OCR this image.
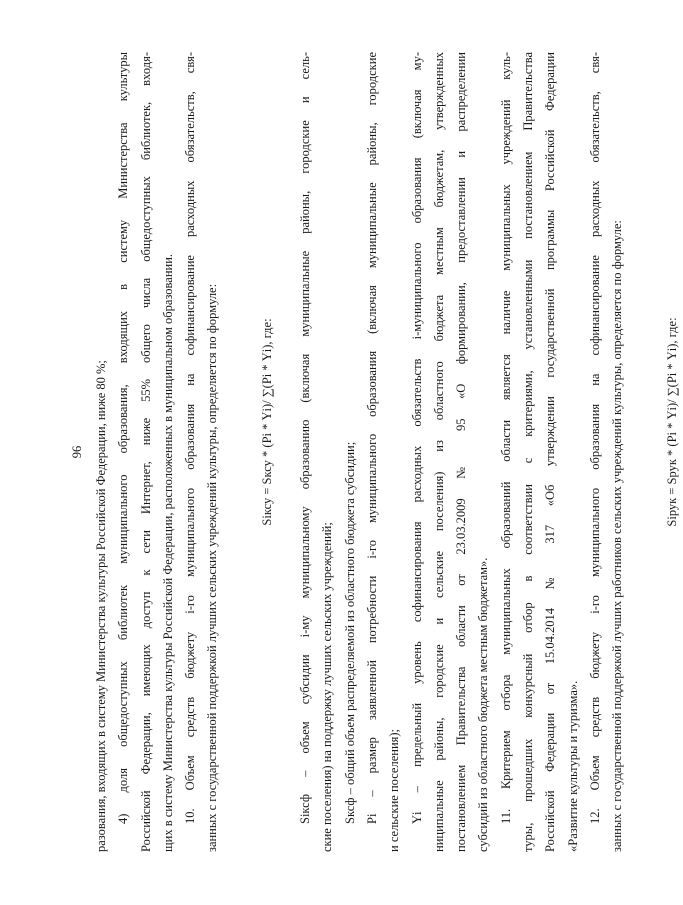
96 разования, входящих в систему Министерства культуры Российской Федерации, ниже 80 %; 4) доля общедоступных библиотек муниципального образования, входящих в систему Министерства культуры Российской Федерации, имеющих доступ к сети Интернет, ниже 55% общего числа общедоступных библиотек, входя- щих в систему Министерства культуры Российской Федерации, расположенных в муниципальном образовании. 10. Объем средств бюджету i-го муниципального образования на софинансирование расходных обязательств, свя- занных с государственной поддержкой лучших сельских учреждений культуры, определяется по формуле:	Sіксу = Sксу * (Pі * Yі)/ ∑(Pі * Yі), где:	Sіксф – объем субсидии i-му муниципальному образованию (включая муниципальные районы, городские и сель- ские поселения) на поддержку лучших сельских учреждений; Sксф – общий объем распределяемой из областного бюджета субсидии; Pі – размер заявленной потребности i-го муниципального образования (включая муниципальные районы, городские и сельские поселения); Yі – предельный уровень софинансирования расходных обязательств i-муниципального образования (включая му- ниципальные районы, городские и сельские поселения) из областного бюджета местным бюджетам, утвержденных постановлением Правительства области от 23.03.2009 № 95 «О формировании, предоставлении и распределении субсидий из областного бюджета местным бюджетам». 11. Критерием отбора муниципальных образований области является наличие муниципальных учреждений куль- туры, прошедших конкурсный отбор в соответствии с критериями, установленными постановлением Правительства Российской Федерации от 15.04.2014 № 317 «Об утверждении государственной программы Российской Федерации «Развитие культуры и туризма». 12. Объем средств бюджету i-го муниципального образования на софинансирование расходных обязательств, свя- занных с государственной поддержкой лучших работников сельских учреждений культуры, определяется по формуле:	Sірук = Sрук * (Pі * Yі)/ ∑(Pі * Yі), где:
